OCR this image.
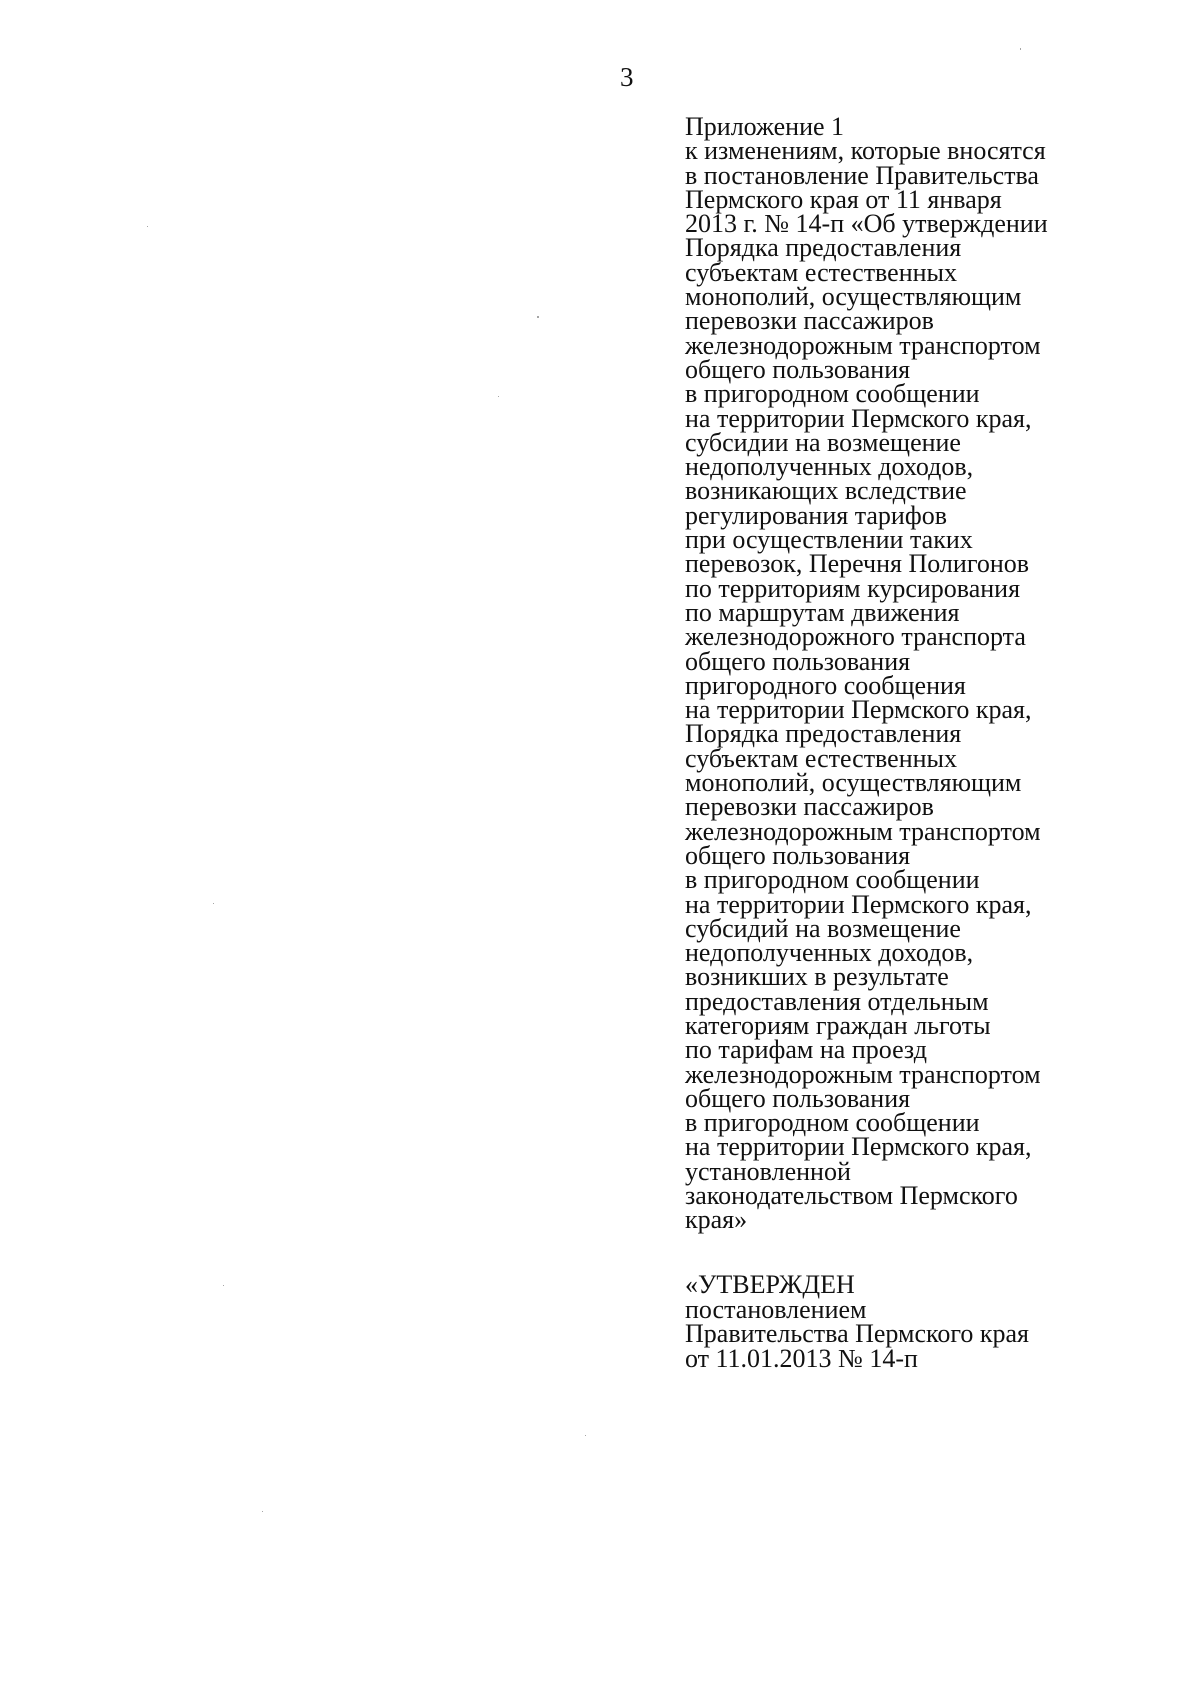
3
Приложение 1
к изменениям, которые вносятся
в постановление Правительства
Пермского края от 11 января
2013 г. № 14-п «Об утверждении
Порядка предоставления
субъектам естественных
монополий, осуществляющим
перевозки пассажиров
железнодорожным транспортом
общего пользования
в пригородном сообщении
на территории Пермского края,
субсидии на возмещение
недополученных доходов,
возникающих вследствие
регулирования тарифов
при осуществлении таких
перевозок, Перечня Полигонов
по территориям курсирования
по маршрутам движения
железнодорожного транспорта
общего пользования
пригородного сообщения
на территории Пермского края,
Порядка предоставления
субъектам естественных
монополий, осуществляющим
перевозки пассажиров
железнодорожным транспортом
общего пользования
в пригородном сообщении
на территории Пермского края,
субсидий на возмещение
недополученных доходов,
возникших в результате
предоставления отдельным
категориям граждан льготы
по тарифам на проезд
железнодорожным транспортом
общего пользования
в пригородном сообщении
на территории Пермского края,
установленной
законодательством Пермского
края»
«УТВЕРЖДЕН
постановлением
Правительства Пермского края
от 11.01.2013 № 14-п
